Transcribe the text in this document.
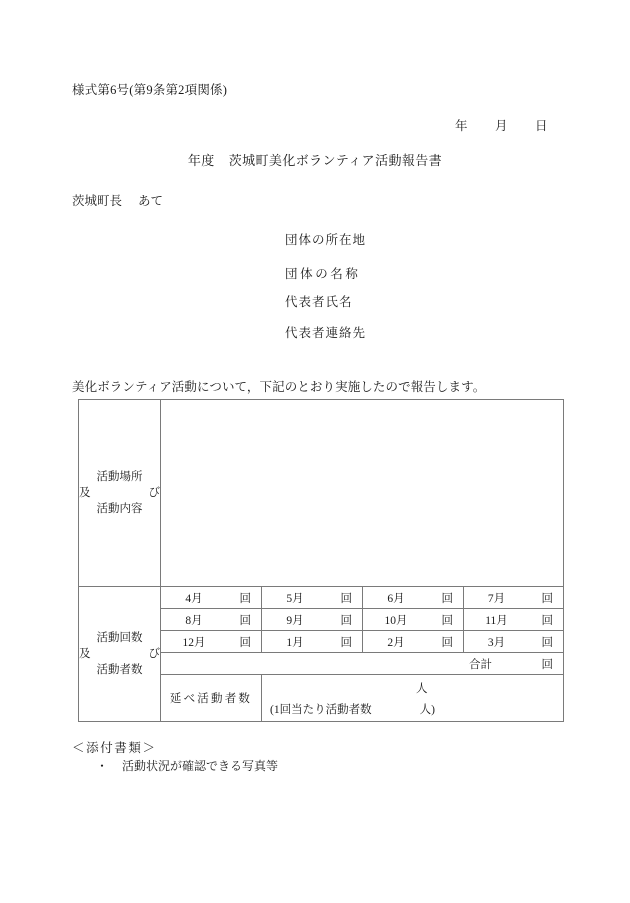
様式第6号(第9条第2項関係)
年 月 日
年度 茨城町美化ボランティア活動報告書
茨城町長 あて
団体の所在地
団体の名称
代表者氏名
代表者連絡先
美化ボランティア活動について，下記のとおり実施したので報告します。
活動場所
及 び
活動内容				

活動回数
及	び
活動者数

4月	回	5月	回	6月	回	7月	回

	8月 回	9月 回	10月 回	11月 回

	12月 回	1月 回	2月 回	3月 回

	合計 回			

	延べ活動者数	人
(1回当たり活動者数 人)		
＜添付書類＞
・ 活動状況が確認できる写真等
